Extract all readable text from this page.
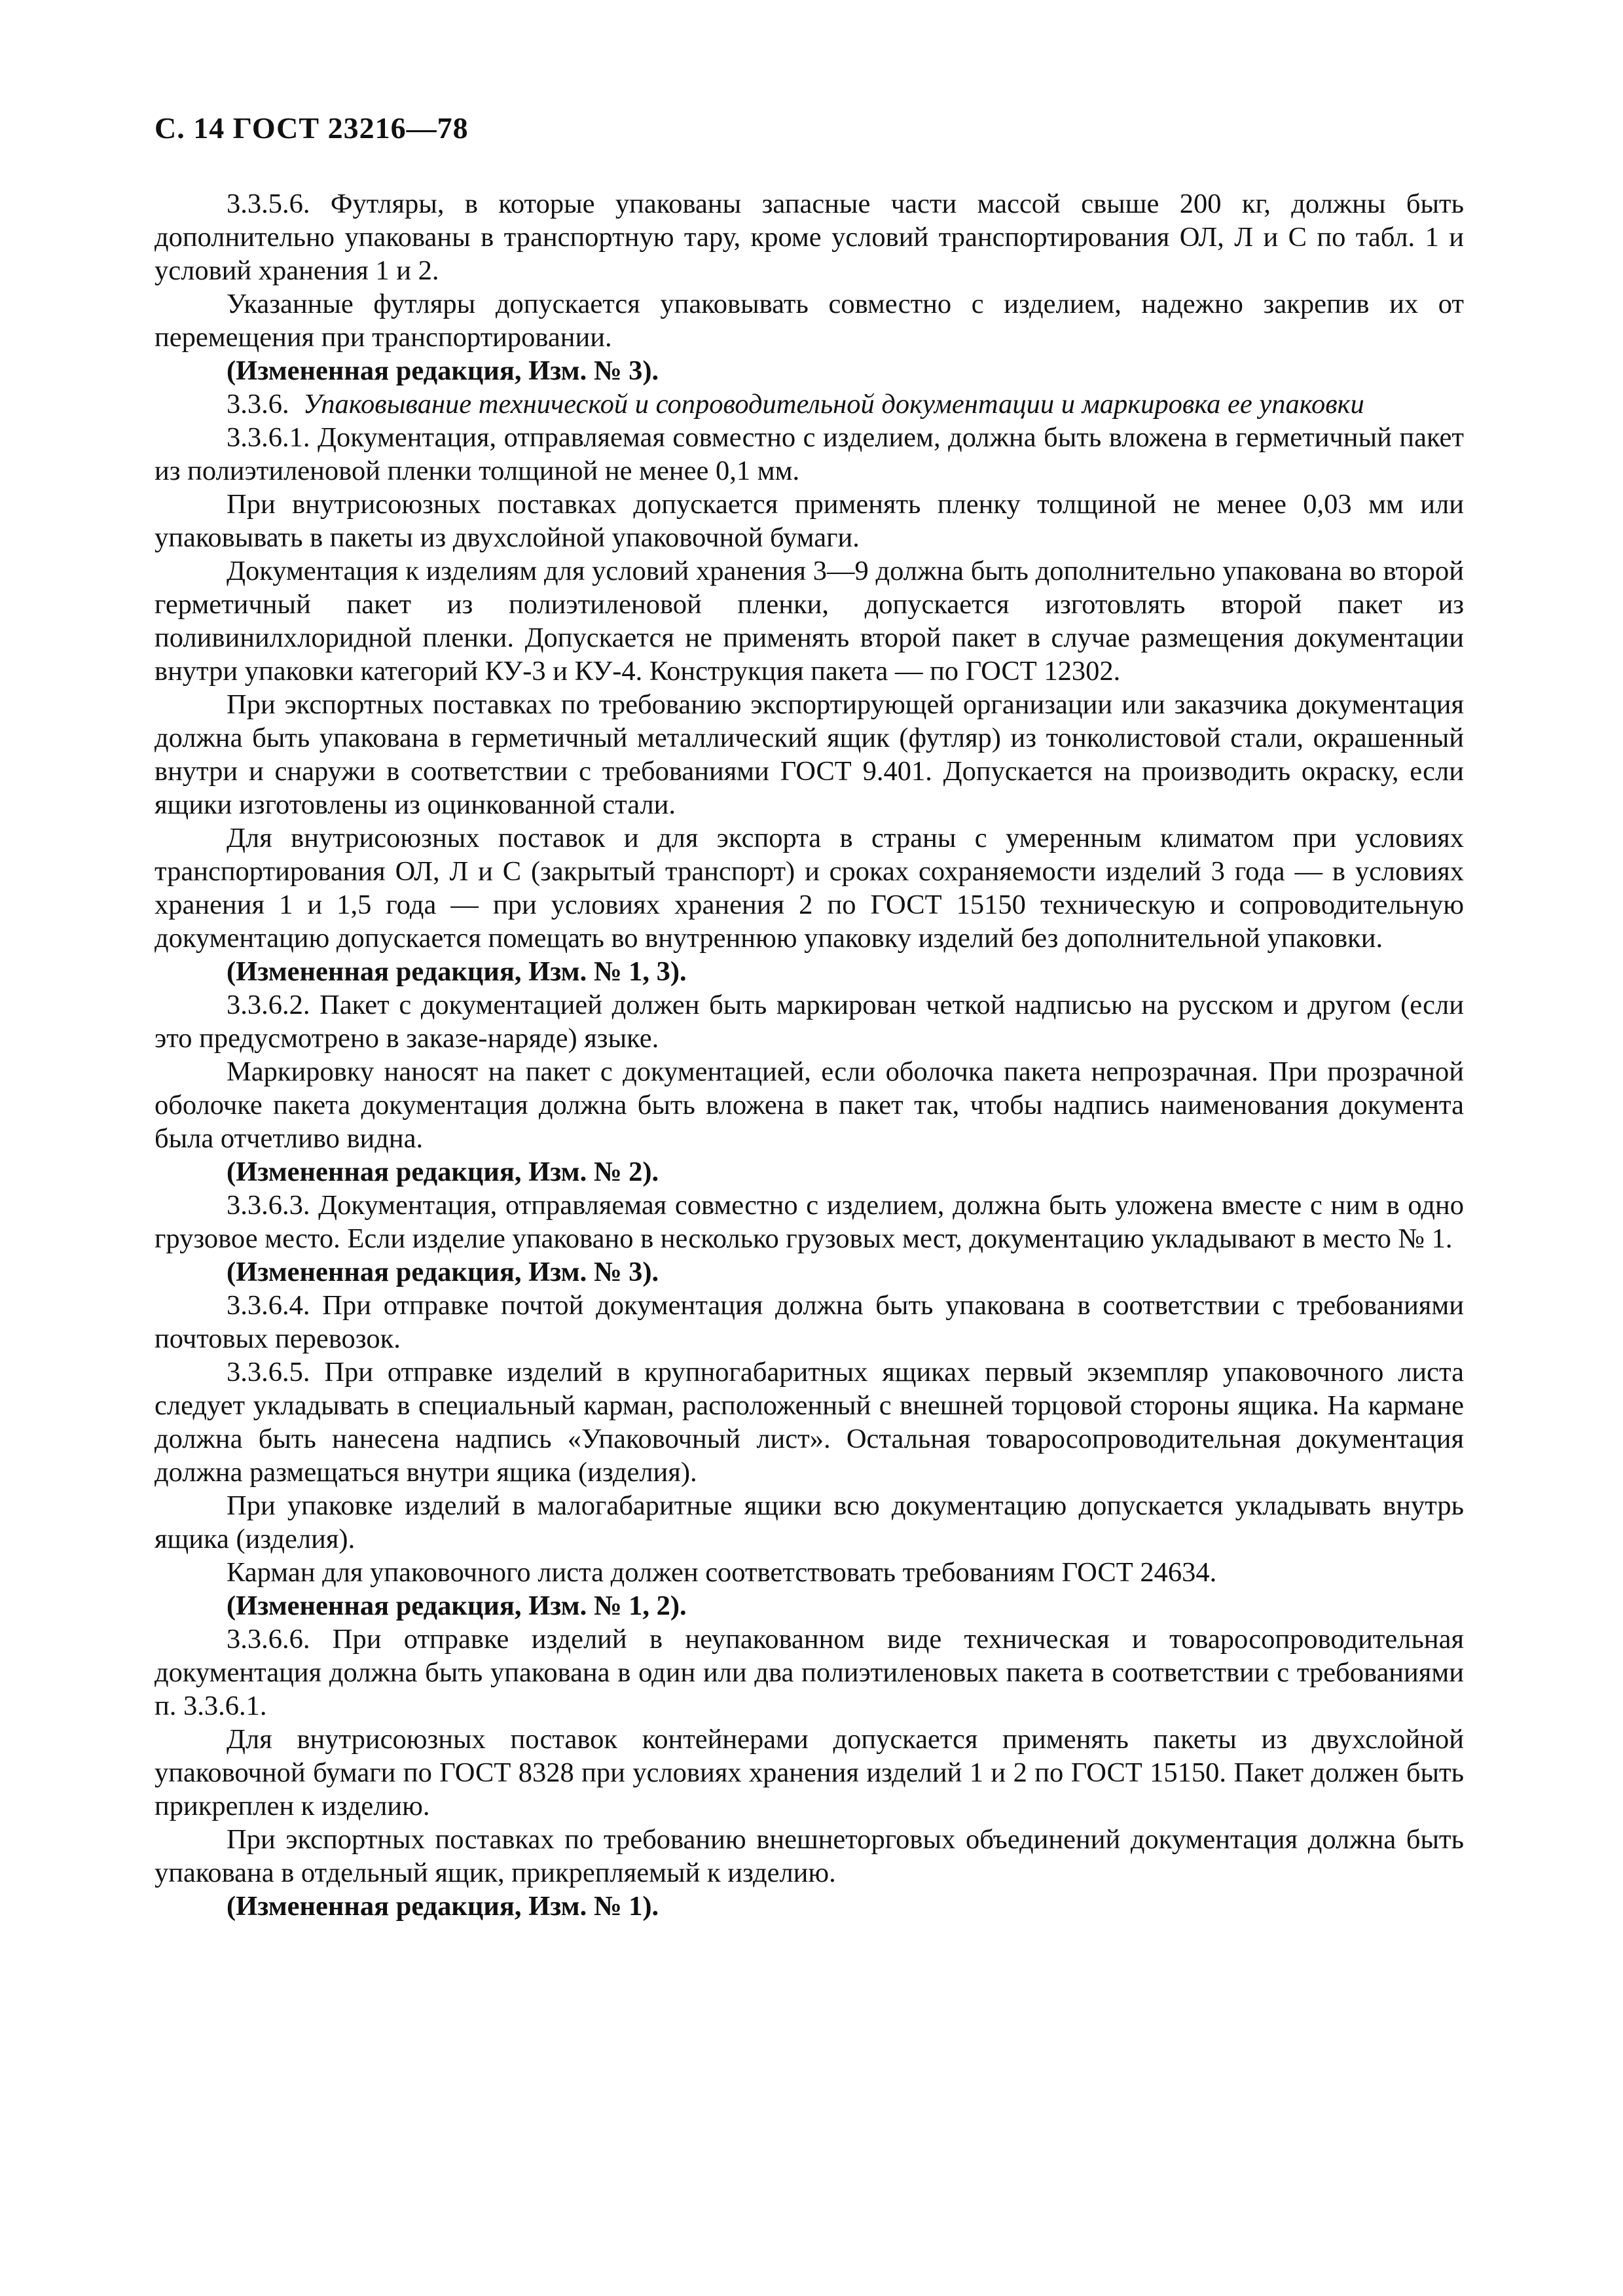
С. 14 ГОСТ 23216—78

3.3.5.6. Футляры, в которые упакованы запасные части массой свыше 200 кг, должны быть дополнительно упакованы в транспортную тару, кроме условий транспортирования ОЛ, Л и С по табл. 1 и условий хранения 1 и 2.

Указанные футляры допускается упаковывать совместно с изделием, надежно закрепив их от перемещения при транспортировании.

(Измененная редакция, Изм. № 3).

3.3.6. Упаковывание технической и сопроводительной документации и маркировка ее упаковки

3.3.6.1. Документация, отправляемая совместно с изделием, должна быть вложена в герметичный пакет из полиэтиленовой пленки толщиной не менее 0,1 мм.

При внутрисоюзных поставках допускается применять пленку толщиной не менее 0,03 мм или упаковывать в пакеты из двухслойной упаковочной бумаги.

Документация к изделиям для условий хранения 3—9 должна быть дополнительно упакована во второй герметичный пакет из полиэтиленовой пленки, допускается изготовлять второй пакет из поливинилхлоридной пленки. Допускается не применять второй пакет в случае размещения документации внутри упаковки категорий КУ-3 и КУ-4. Конструкция пакета — по ГОСТ 12302.

При экспортных поставках по требованию экспортирующей организации или заказчика документация должна быть упакована в герметичный металлический ящик (футляр) из тонколистовой стали, окрашенный внутри и снаружи в соответствии с требованиями ГОСТ 9.401. Допускается на производить окраску, если ящики изготовлены из оцинкованной стали.

Для внутрисоюзных поставок и для экспорта в страны с умеренным климатом при условиях транспортирования ОЛ, Л и С (закрытый транспорт) и сроках сохраняемости изделий 3 года — в условиях хранения 1 и 1,5 года — при условиях хранения 2 по ГОСТ 15150 техническую и сопроводительную документацию допускается помещать во внутреннюю упаковку изделий без дополнительной упаковки.

(Измененная редакция, Изм. № 1, 3).

3.3.6.2. Пакет с документацией должен быть маркирован четкой надписью на русском и другом (если это предусмотрено в заказе-наряде) языке.

Маркировку наносят на пакет с документацией, если оболочка пакета непрозрачная. При прозрачной оболочке пакета документация должна быть вложена в пакет так, чтобы надпись наименования документа была отчетливо видна.

(Измененная редакция, Изм. № 2).

3.3.6.3. Документация, отправляемая совместно с изделием, должна быть уложена вместе с ним в одно грузовое место. Если изделие упаковано в несколько грузовых мест, документацию укладывают в место № 1.

(Измененная редакция, Изм. № 3).

3.3.6.4. При отправке почтой документация должна быть упакована в соответствии с требованиями почтовых перевозок.

3.3.6.5. При отправке изделий в крупногабаритных ящиках первый экземпляр упаковочного листа следует укладывать в специальный карман, расположенный с внешней торцовой стороны ящика. На кармане должна быть нанесена надпись «Упаковочный лист». Остальная товаросопроводительная документация должна размещаться внутри ящика (изделия).

При упаковке изделий в малогабаритные ящики всю документацию допускается укладывать внутрь ящика (изделия).

Карман для упаковочного листа должен соответствовать требованиям ГОСТ 24634.

(Измененная редакция, Изм. № 1, 2).

3.3.6.6. При отправке изделий в неупакованном виде техническая и товаросопроводительная документация должна быть упакована в один или два полиэтиленовых пакета в соответствии с требованиями п. 3.3.6.1.

Для внутрисоюзных поставок контейнерами допускается применять пакеты из двухслойной упаковочной бумаги по ГОСТ 8328 при условиях хранения изделий 1 и 2 по ГОСТ 15150. Пакет должен быть прикреплен к изделию.

При экспортных поставках по требованию внешнеторговых объединений документация должна быть упакована в отдельный ящик, прикрепляемый к изделию.

(Измененная редакция, Изм. № 1).
